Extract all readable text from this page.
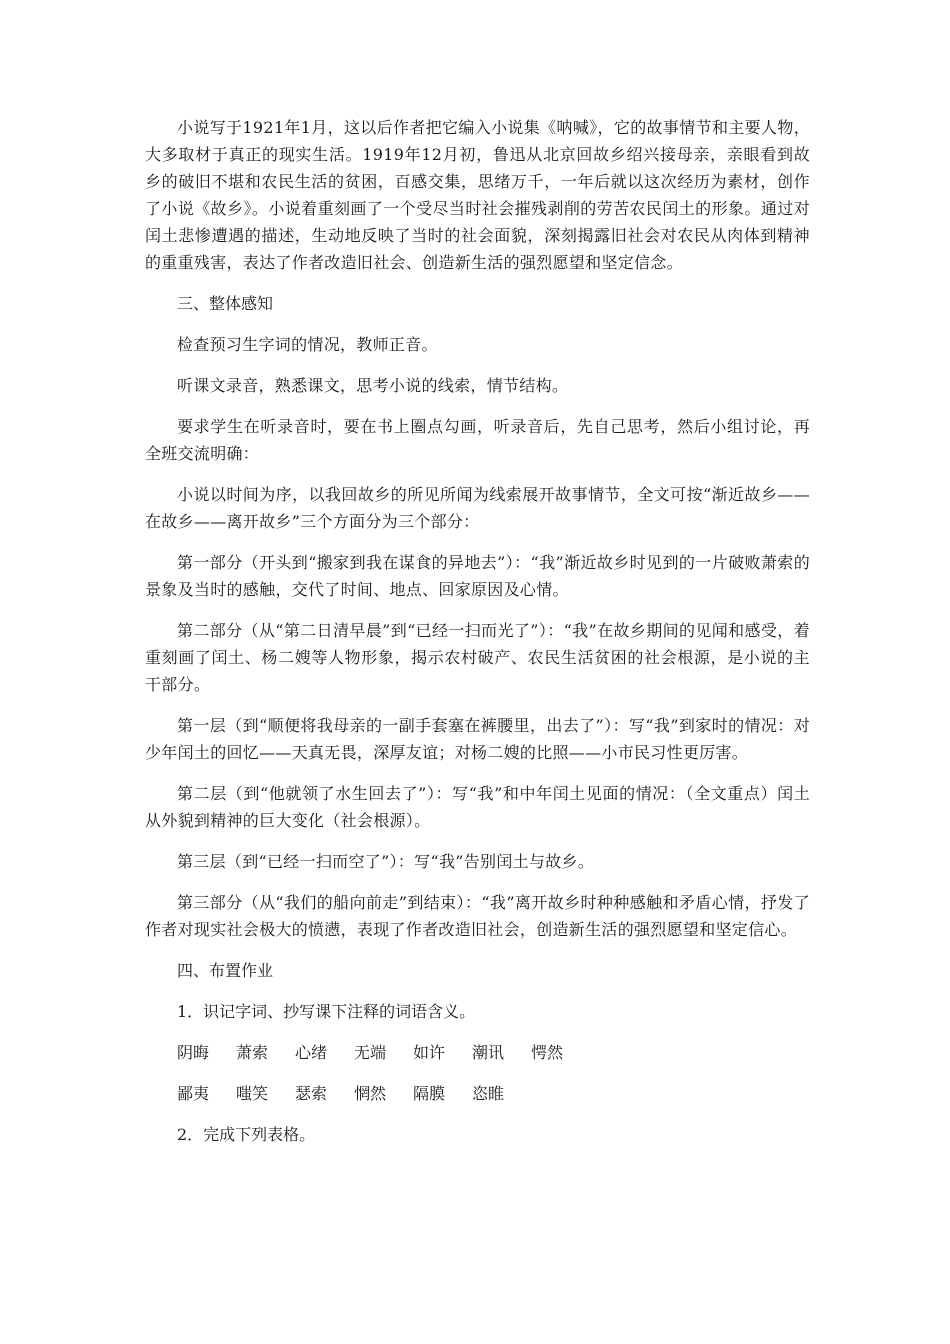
小说写于1921年1月，这以后作者把它编入小说集《呐喊》，它的故事情节和主要人物，大多取材于真正的现实生活。1919年12月初，鲁迅从北京回故乡绍兴接母亲，亲眼看到故乡的破旧不堪和农民生活的贫困，百感交集，思绪万千，一年后就以这次经历为素材，创作了小说《故乡》。小说着重刻画了一个受尽当时社会摧残剥削的劳苦农民闰土的形象。通过对闰土悲惨遭遇的描述，生动地反映了当时的社会面貌，深刻揭露旧社会对农民从肉体到精神的重重残害，表达了作者改造旧社会、创造新生活的强烈愿望和坚定信念。

三、整体感知

检查预习生字词的情况，教师正音。

听课文录音，熟悉课文，思考小说的线索，情节结构。

要求学生在听录音时，要在书上圈点勾画，听录音后，先自己思考，然后小组讨论，再全班交流明确：

小说以时间为序，以我回故乡的所见所闻为线索展开故事情节，全文可按“渐近故乡——在故乡——离开故乡”三个方面分为三个部分：

第一部分（开头到“搬家到我在谋食的异地去”）：“我”渐近故乡时见到的一片破败萧索的景象及当时的感触，交代了时间、地点、回家原因及心情。

第二部分（从“第二日清早晨”到“已经一扫而光了”）：“我”在故乡期间的见闻和感受，着重刻画了闰土、杨二嫂等人物形象，揭示农村破产、农民生活贫困的社会根源，是小说的主干部分。

第一层（到“顺便将我母亲的一副手套塞在裤腰里，出去了”）：写“我”到家时的情况：对少年闰土的回忆——天真无畏，深厚友谊；对杨二嫂的比照——小市民习性更厉害。

第二层（到“他就领了水生回去了”）：写“我”和中年闰土见面的情况：（全文重点）闰土从外貌到精神的巨大变化（社会根源）。

第三层（到“已经一扫而空了”）：写“我”告别闰土与故乡。

第三部分（从“我们的船向前走”到结束）：“我”离开故乡时种种感触和矛盾心情，抒发了作者对现实社会极大的愤懑，表现了作者改造旧社会，创造新生活的强烈愿望和坚定信心。

四、布置作业

1．识记字词、抄写课下注释的词语含义。

阴晦	萧索	心绪	无端	如许	潮讯	愕然
鄙夷	嗤笑	瑟索	惘然	隔膜	恣睢

2．完成下列表格。
